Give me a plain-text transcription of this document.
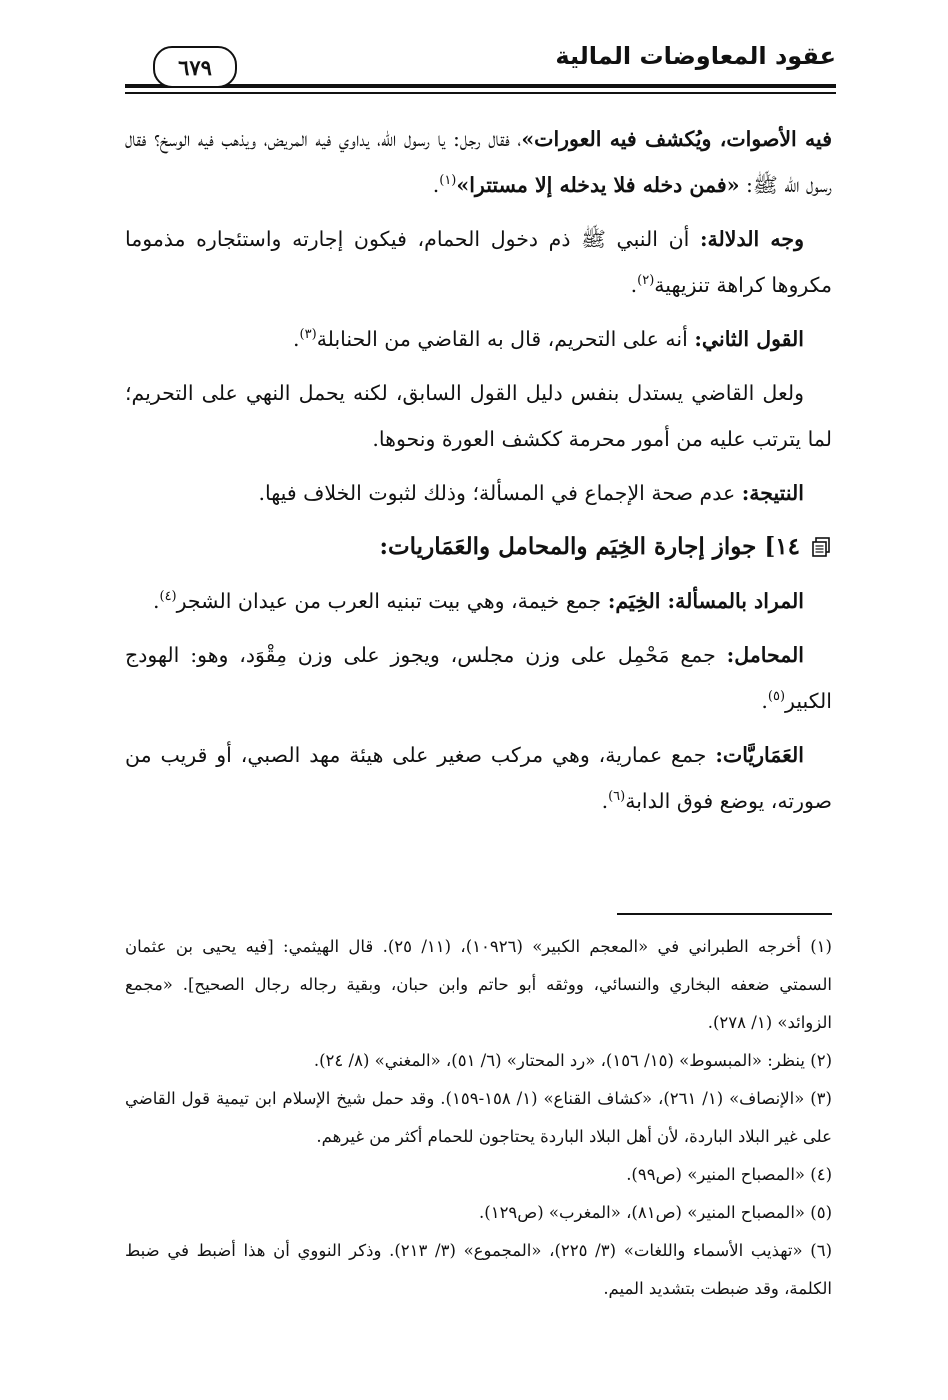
عقود المعاوضات المالية
٦٧٩

فيه الأصوات، ويُكشف فيه العورات»، فقال رجل: يا رسول الله، يداوي فيه المريض، ويذهب فيه الوسخ؟ فقال رسول الله ﷺ: «فمن دخله فلا يدخله إلا مستترا»$^{(١)}$.

وجه الدلالة: أن النبي ﷺ ذم دخول الحمام، فيكون إجارته واستئجاره مذموما مكروها كراهة تنزيهية$^{(٢)}$.

القول الثاني: أنه على التحريم، قال به القاضي من الحنابلة$^{(٣)}$.

ولعل القاضي يستدل بنفس دليل القول السابق، لكنه يحمل النهي على التحريم؛ لما يترتب عليه من أمور محرمة ككشف العورة ونحوها.

النتيجة: عدم صحة الإجماع في المسألة؛ وذلك لثبوت الخلاف فيها.

١٤] جواز إجارة الخِيَم والمحامل والعَمَاريات:

المراد بالمسألة: الخِيَم: جمع خيمة، وهي بيت تبنيه العرب من عيدان الشجر$^{(٤)}$.

المحامل: جمع مَحْمِل على وزن مجلس، ويجوز على وزن مِقْوَد، وهو: الهودج الكبير$^{(٥)}$.

العَمَاريَّات: جمع عمارية، وهي مركب صغير على هيئة مهد الصبي، أو قريب من صورته، يوضع فوق الدابة$^{(٦)}$.

(١) أخرجه الطبراني في «المعجم الكبير» (١٠٩٢٦)، (١١/ ٢٥). قال الهيثمي: [فيه يحيى بن عثمان السمتي ضعفه البخاري والنسائي، ووثقه أبو حاتم وابن حبان، وبقية رجاله رجال الصحيح]. «مجمع الزوائد» (١/ ٢٧٨).

(٢) ينظر: «المبسوط» (١٥/ ١٥٦)، «رد المحتار» (٦/ ٥١)، «المغني» (٨/ ٢٤).

(٣) «الإنصاف» (١/ ٢٦١)، «كشاف القناع» (١/ ١٥٨-١٥٩). وقد حمل شيخ الإسلام ابن تيمية قول القاضي على غير البلاد الباردة، لأن أهل البلاد الباردة يحتاجون للحمام أكثر من غيرهم.

(٤) «المصباح المنير» (ص٩٩).

(٥) «المصباح المنير» (ص٨١)، «المغرب» (ص١٢٩).

(٦) «تهذيب الأسماء واللغات» (٣/ ٢٢٥)، «المجموع» (٣/ ٢١٣). وذكر النووي أن هذا أضبط في ضبط الكلمة، وقد ضبطت بتشديد الميم.
